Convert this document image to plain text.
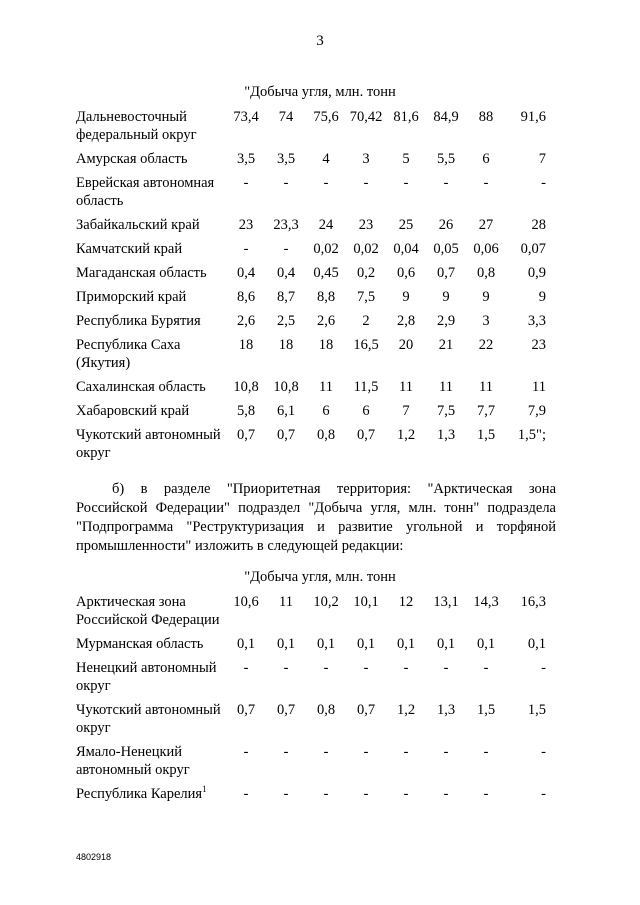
3
"Добыча угля, млн. тонн
Дальневосточный федеральный округ	73,4	74	75,6	70,42	81,6	84,9	88	91,6
Амурская область	3,5	3,5	4	3	5	5,5	6	7
Еврейская автономная область	-	-	-	-	-	-	-	-
Забайкальский край	23	23,3	24	23	25	26	27	28
Камчатский край	-	-	0,02	0,02	0,04	0,05	0,06	0,07
Магаданская область	0,4	0,4	0,45	0,2	0,6	0,7	0,8	0,9
Приморский край	8,6	8,7	8,8	7,5	9	9	9	9
Республика Бурятия	2,6	2,5	2,6	2	2,8	2,9	3	3,3
Республика Саха (Якутия)	18	18	18	16,5	20	21	22	23
Сахалинская область	10,8	10,8	11	11,5	11	11	11	11
Хабаровский край	5,8	6,1	6	6	7	7,5	7,7	7,9
Чукотский автономный округ	0,7	0,7	0,8	0,7	1,2	1,3	1,5	1,5";
б) в разделе "Приоритетная территория: "Арктическая зона
Российской Федерации" подраздел "Добыча угля, млн. тонн" подраздела
"Подпрограмма "Реструктуризация и развитие угольной и торфяной
промышленности" изложить в следующей редакции:
"Добыча угля, млн. тонн
Арктическая зона Российской Федерации	10,6	11	10,2	10,1	12	13,1	14,3	16,3
Мурманская область	0,1	0,1	0,1	0,1	0,1	0,1	0,1	0,1
Ненецкий автономный округ	-	-	-	-	-	-	-	-
Чукотский автономный округ	0,7	0,7	0,8	0,7	1,2	1,3	1,5	1,5
Ямало-Ненецкий автономный округ	-	-	-	-	-	-	-	-
Республика Карелия$^1$	-	-	-	-	-	-	-	-
4802918
